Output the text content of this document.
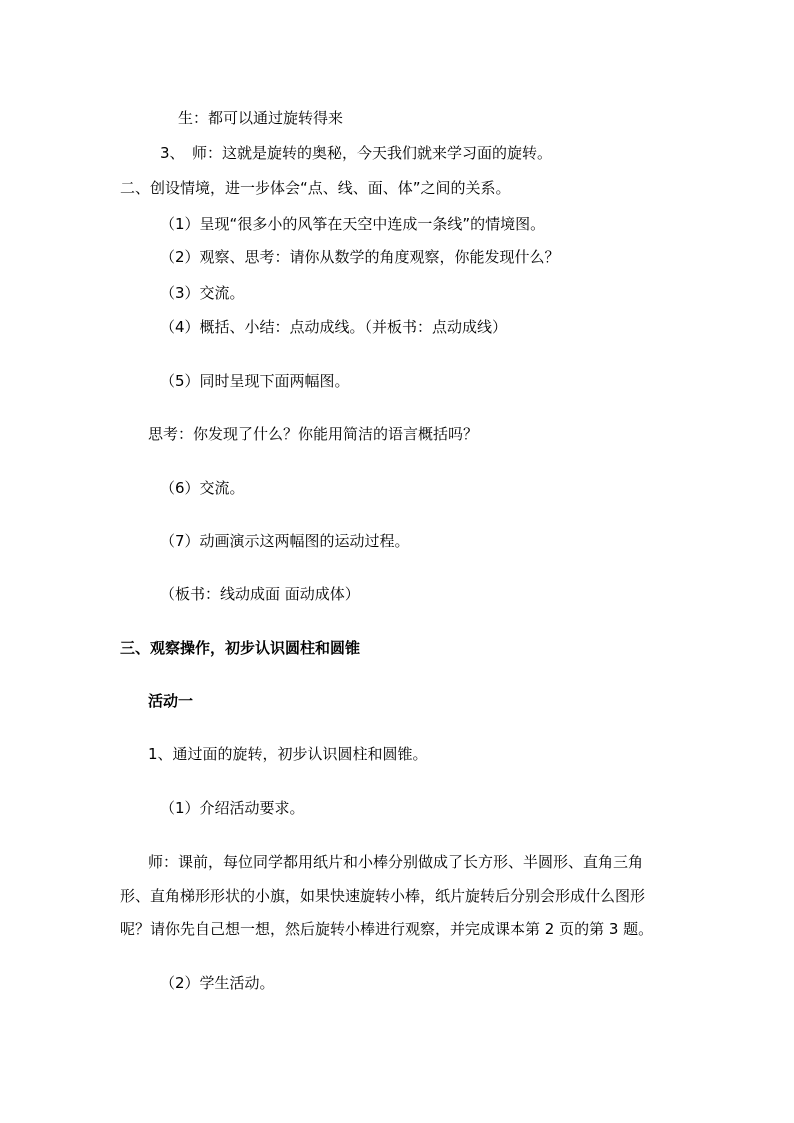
生：都可以通过旋转得来
3、　师：这就是旋转的奥秘，今天我们就来学习面的旋转。
二、创设情境，进一步体会“点、线、面、体”之间的关系。
（1）呈现“很多小的风筝在天空中连成一条线”的情境图。
（2）观察、思考：请你从数学的角度观察，你能发现什么？
（3）交流。
（4）概括、小结：点动成线。（并板书：点动成线）
（5）同时呈现下面两幅图。
思考：你发现了什么？你能用简洁的语言概括吗？
（6）交流。
（7）动画演示这两幅图的运动过程。
（板书：线动成面 面动成体）
三、观察操作，初步认识圆柱和圆锥
活动一
1、通过面的旋转，初步认识圆柱和圆锥。
（1）介绍活动要求。
师：课前，每位同学都用纸片和小棒分别做成了长方形、半圆形、直角三角
形、直角梯形形状的小旗，如果快速旋转小棒，纸片旋转后分别会形成什么图形
呢？请你先自己想一想，然后旋转小棒进行观察，并完成课本第 2 页的第 3 题。
（2）学生活动。
